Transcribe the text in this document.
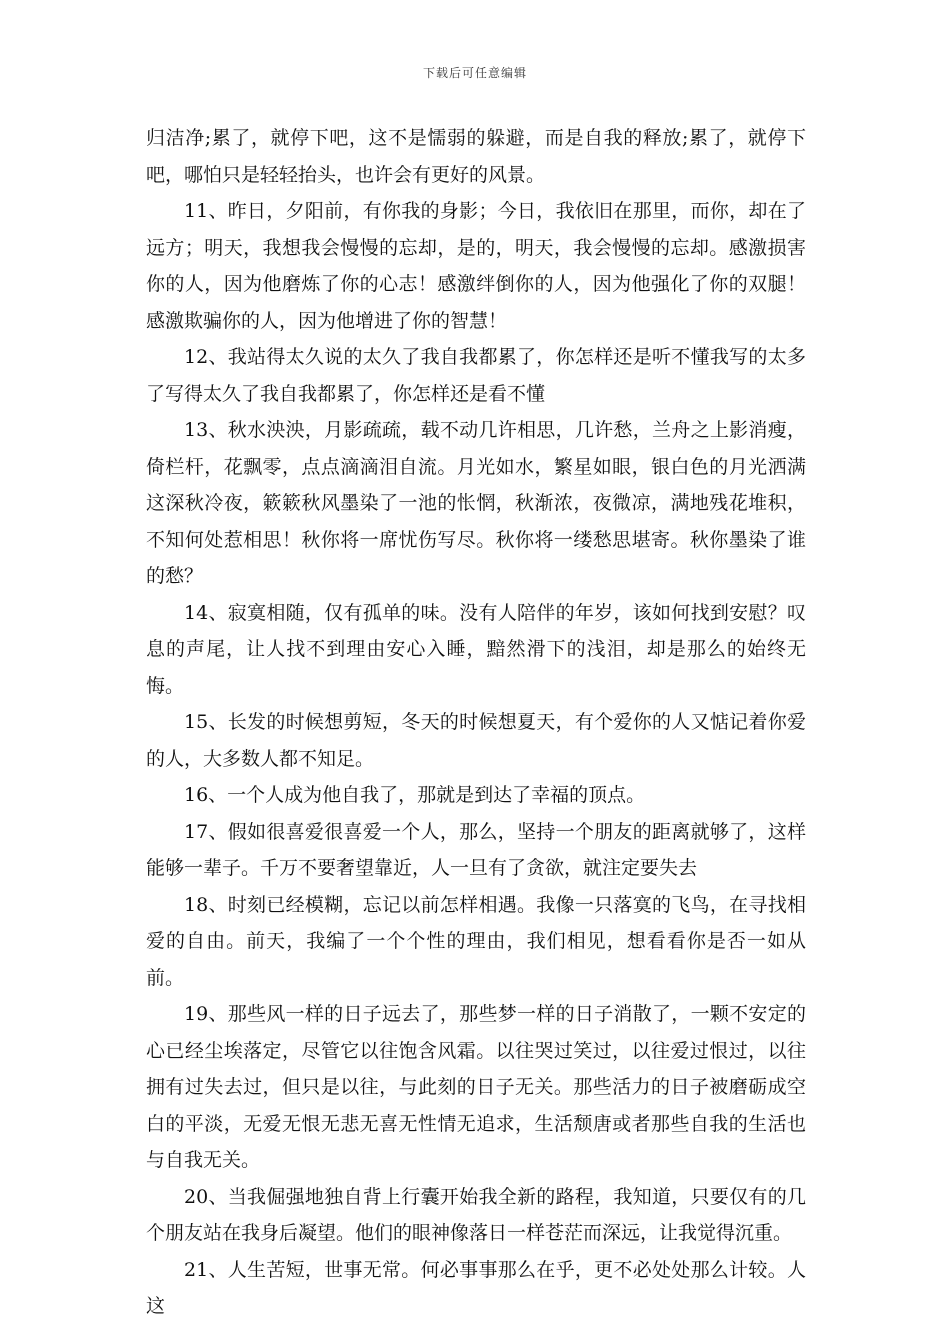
下载后可任意编辑

归洁净;累了，就停下吧，这不是懦弱的躲避，而是自我的释放;累了，就停下吧，哪怕只是轻轻抬头，也许会有更好的风景。

11、昨日，夕阳前，有你我的身影；今日，我依旧在那里，而你，却在了远方；明天，我想我会慢慢的忘却，是的，明天，我会慢慢的忘却。感激损害你的人，因为他磨炼了你的心志！感激绊倒你的人，因为他强化了你的双腿！感激欺骗你的人，因为他增进了你的智慧！

12、我站得太久说的太久了我自我都累了，你怎样还是听不懂我写的太多了写得太久了我自我都累了，你怎样还是看不懂

13、秋水泱泱，月影疏疏，载不动几许相思，几许愁，兰舟之上影消瘦，倚栏杆，花飘零，点点滴滴泪自流。月光如水，繁星如眼，银白色的月光洒满这深秋冷夜，簌簌秋风墨染了一池的怅惘，秋渐浓，夜微凉，满地残花堆积，不知何处惹相思！秋你将一席忧伤写尽。秋你将一缕愁思堪寄。秋你墨染了谁的愁？

14、寂寞相随，仅有孤单的味。没有人陪伴的年岁，该如何找到安慰？叹息的声尾，让人找不到理由安心入睡，黯然滑下的浅泪，却是那么的始终无悔。

15、长发的时候想剪短，冬天的时候想夏天，有个爱你的人又惦记着你爱的人，大多数人都不知足。

16、一个人成为他自我了，那就是到达了幸福的顶点。

17、假如很喜爱很喜爱一个人，那么，坚持一个朋友的距离就够了，这样能够一辈子。千万不要奢望靠近，人一旦有了贪欲，就注定要失去

18、时刻已经模糊，忘记以前怎样相遇。我像一只落寞的飞鸟，在寻找相爱的自由。前天，我编了一个个性的理由，我们相见，想看看你是否一如从前。

19、那些风一样的日子远去了，那些梦一样的日子消散了，一颗不安定的心已经尘埃落定，尽管它以往饱含风霜。以往哭过笑过，以往爱过恨过，以往拥有过失去过，但只是以往，与此刻的日子无关。那些活力的日子被磨砺成空白的平淡，无爱无恨无悲无喜无性情无追求，生活颓唐或者那些自我的生活也与自我无关。

20、当我倔强地独自背上行囊开始我全新的路程，我知道，只要仅有的几个朋友站在我身后凝望。他们的眼神像落日一样苍茫而深远，让我觉得沉重。

21、人生苦短，世事无常。何必事事那么在乎，更不必处处那么计较。人这
